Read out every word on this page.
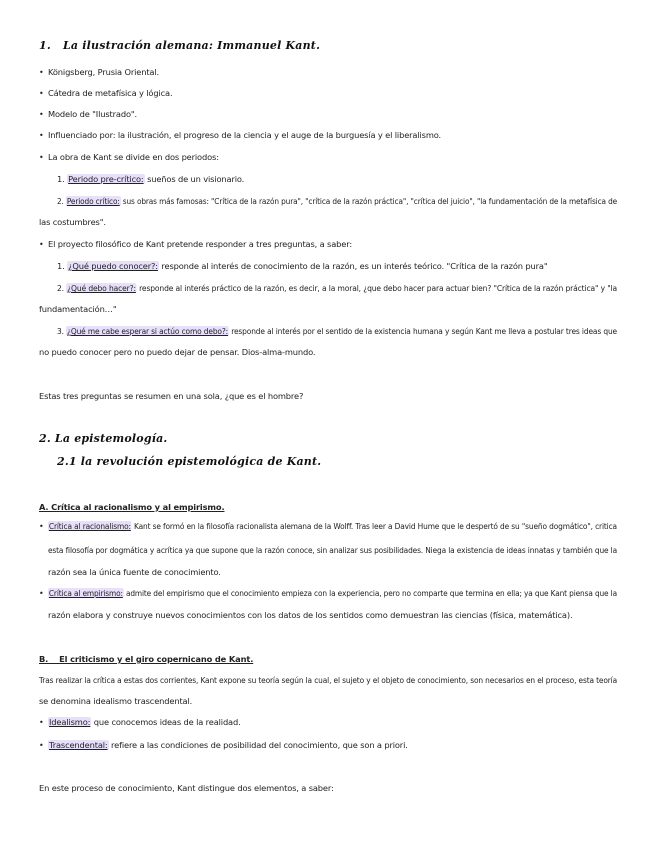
1. La ilustración alemana: Immanuel Kant.
• Königsberg, Prusia Oriental.
• Cátedra de metafísica y lógica.
• Modelo de "Ilustrado".
• Influenciado por: la ilustración, el progreso de la ciencia y el auge de la burguesía y el liberalismo.
• La obra de Kant se divide en dos periodos:
1. Periodo pre-crítico: sueños de un visionario.
2. Periodo crítico: sus obras más famosas: "Crítica de la razón pura", "crítica de la razón práctica", "crítica del juicio", "la fundamentación de la metafísica de
las costumbres".
• El proyecto filosófico de Kant pretende responder a tres preguntas, a saber:
1. ¿Qué puedo conocer?: responde al interés de conocimiento de la razón, es un interés teórico. "Crítica de la razón pura"
2. ¿Qué debo hacer?: responde al interés práctico de la razón, es decir, a la moral, ¿que debo hacer para actuar bien? "Crítica de la razón práctica" y "la
fundamentación…"
3. ¿Qué me cabe esperar si actúo como debo?: responde al interés por el sentido de la existencia humana y según Kant me lleva a postular tres ideas que
no puedo conocer pero no puedo dejar de pensar. Dios-alma-mundo.
Estas tres preguntas se resumen en una sola, ¿que es el hombre?
2. La epistemología.
2.1 la revolución epistemológica de Kant.
A. Crítica al racionalismo y al empirismo.
• Crítica al racionalismo: Kant se formó en la filosofía racionalista alemana de la Wolff. Tras leer a David Hume que le despertó de su "sueño dogmático", critica
esta filosofía por dogmática y acrítica ya que supone que la razón conoce, sin analizar sus posibilidades. Niega la existencia de ideas innatas y también que la
razón sea la única fuente de conocimiento.
• Crítica al empirismo: admite del empirismo que el conocimiento empieza con la experiencia, pero no comparte que termina en ella; ya que Kant piensa que la
razón elabora y construye nuevos conocimientos con los datos de los sentidos como demuestran las ciencias (física, matemática).
B.    El criticismo y el giro copernicano de Kant.
Tras realizar la crítica a estas dos corrientes, Kant expone su teoría según la cual, el sujeto y el objeto de conocimiento, son necesarios en el proceso, esta teoría
se denomina idealismo trascendental.
• Idealismo: que conocemos ideas de la realidad.
• Trascendental: refiere a las condiciones de posibilidad del conocimiento, que son a priori.
En este proceso de conocimiento, Kant distingue dos elementos, a saber:
